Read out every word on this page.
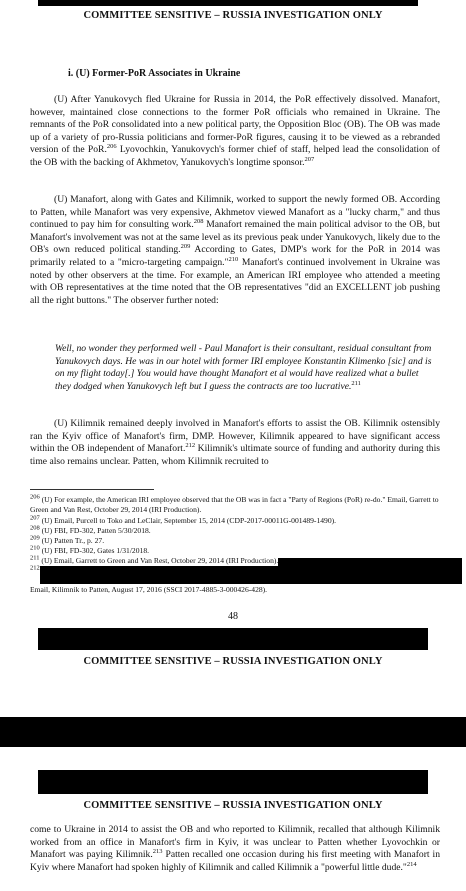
COMMITTEE SENSITIVE – RUSSIA INVESTIGATION ONLY
i. (U) Former-PoR Associates in Ukraine

(U) After Yanukovych fled Ukraine for Russia in 2014, the PoR effectively dissolved. Manafort, however, maintained close connections to the former PoR officials who remained in Ukraine. The remnants of the PoR consolidated into a new political party, the Opposition Bloc (OB). The OB was made up of a variety of pro-Russia politicians and former-PoR figures, causing it to be viewed as a rebranded version of the PoR.$^{206}$ Lyovochkin, Yanukovych's former chief of staff, helped lead the consolidation of the OB with the backing of Akhmetov, Yanukovych's longtime sponsor.$^{207}$

(U) Manafort, along with Gates and Kilimnik, worked to support the newly formed OB. According to Patten, while Manafort was very expensive, Akhmetov viewed Manafort as a "lucky charm," and thus continued to pay him for consulting work.$^{208}$ Manafort remained the main political advisor to the OB, but Manafort's involvement was not at the same level as its previous peak under Yanukovych, likely due to the OB's own reduced political standing.$^{209}$ According to Gates, DMP's work for the PoR in 2014 was primarily related to a "micro-targeting campaign."$^{210}$ Manafort's continued involvement in Ukraine was noted by other observers at the time. For example, an American IRI employee who attended a meeting with OB representatives at the time noted that the OB representatives "did an EXCELLENT job pushing all the right buttons." The observer further noted:

Well, no wonder they performed well - Paul Manafort is their consultant, residual consultant from Yanukovych days. He was in our hotel with former IRI employee Konstantin Klimenko [sic] and is on my flight today[.] You would have thought Manafort et al would have realized what a bullet they dodged when Yanukovych left but I guess the contracts are too lucrative.$^{211}$

(U) Kilimnik remained deeply involved in Manafort's efforts to assist the OB. Kilimnik ostensibly ran the Kyiv office of Manafort's firm, DMP. However, Kilimnik appeared to have significant access within the OB independent of Manafort.$^{212}$ Kilimnik's ultimate source of funding and authority during this time also remains unclear. Patten, whom Kilimnik recruited to

$^{206}$ (U) For example, the American IRI employee observed that the OB was in fact a "Party of Regions (PoR) re-do." Email, Garrett to Green and Van Rest, October 29, 2014 (IRI Production).

$^{207}$ (U) Email, Purcell to Toko and LeClair, September 15, 2014 (CDP-2017-00011G-001489-1490).

$^{208}$ (U) FBI, FD-302, Patten 5/30/2018.

$^{209}$ (U) Patten Tr., p. 27.

$^{210}$ (U) FBI, FD-302, Gates 1/31/2018.

$^{211}$ (U) Email, Garrett to Green and Van Rest, October 29, 2014 (IRI Production).

$^{212}$

Email, Kilimnik to Patten, August 17, 2016 (SSCI 2017-4885-3-000426-428).

48
COMMITTEE SENSITIVE – RUSSIA INVESTIGATION ONLY
COMMITTEE SENSITIVE – RUSSIA INVESTIGATION ONLY

come to Ukraine in 2014 to assist the OB and who reported to Kilimnik, recalled that although Kilimnik worked from an office in Manafort's firm in Kyiv, it was unclear to Patten whether Lyovochkin or Manafort was paying Kilimnik.$^{213}$ Patten recalled one occasion during his first meeting with Manafort in Kyiv where Manafort had spoken highly of Kilimnik and called Kilimnik a "powerful little dude."$^{214}$
